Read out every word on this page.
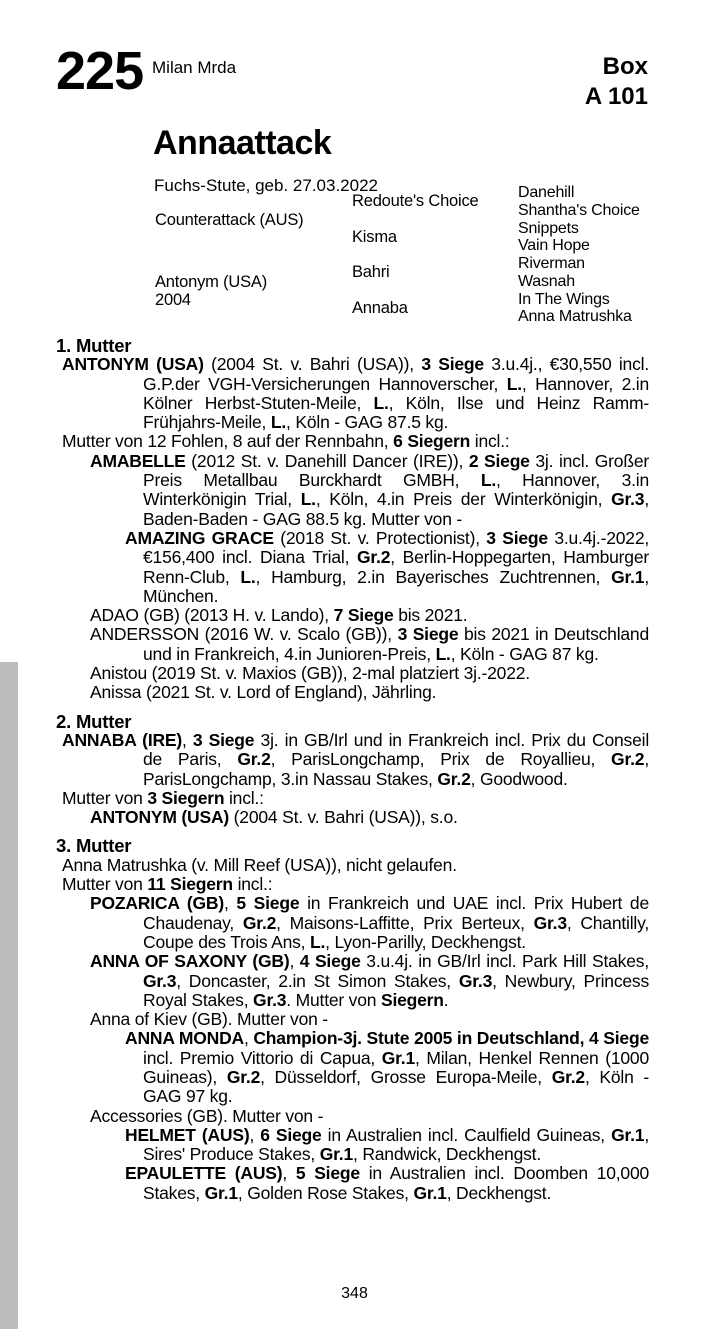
225 Milan Mrda	Box
A 101
Annaattack
Fuchs-Stute, geb. 27.03.2022
Counterattack (AUS)
Antonym (USA)
2004
Redoute's Choice
Kisma
Bahri
Annaba
Danehill
Shantha's Choice
Snippets
Vain Hope
Riverman
Wasnah
In The Wings
Anna Matrushka
1. Mutter
ANTONYM (USA) (2004 St. v. Bahri (USA)), 3 Siege 3.u.4j., €30,550 incl. G.P.der VGH-Versicherungen Hannoverscher, L., Hannover, 2.in Kölner Herbst-Stuten-Meile, L., Köln, Ilse und Heinz Ramm-Frühjahrs-Meile, L., Köln - GAG 87.5 kg.
Mutter von 12 Fohlen, 8 auf der Rennbahn, 6 Siegern incl.:
AMABELLE (2012 St. v. Danehill Dancer (IRE)), 2 Siege 3j. incl. Großer Preis Metallbau Burckhardt GMBH, L., Hannover, 3.in Winterkönigin Trial, L., Köln, 4.in Preis der Winterkönigin, Gr.3, Baden-Baden - GAG 88.5 kg. Mutter von -
AMAZING GRACE (2018 St. v. Protectionist), 3 Siege 3.u.4j.-2022, €156,400 incl. Diana Trial, Gr.2, Berlin-Hoppegarten, Hamburger Renn-Club, L., Hamburg, 2.in Bayerisches Zuchtrennen, Gr.1, München.
ADAO (GB) (2013 H. v. Lando), 7 Siege bis 2021.
ANDERSSON (2016 W. v. Scalo (GB)), 3 Siege bis 2021 in Deutschland und in Frankreich, 4.in Junioren-Preis, L., Köln - GAG 87 kg.
Anistou (2019 St. v. Maxios (GB)), 2-mal platziert 3j.-2022.
Anissa (2021 St. v. Lord of England), Jährling.
2. Mutter
ANNABA (IRE), 3 Siege 3j. in GB/Irl und in Frankreich incl. Prix du Conseil de Paris, Gr.2, ParisLongchamp, Prix de Royallieu, Gr.2, ParisLongchamp, 3.in Nassau Stakes, Gr.2, Goodwood.
Mutter von 3 Siegern incl.:
ANTONYM (USA) (2004 St. v. Bahri (USA)), s.o.
3. Mutter
Anna Matrushka (v. Mill Reef (USA)), nicht gelaufen.
Mutter von 11 Siegern incl.:
POZARICA (GB), 5 Siege in Frankreich und UAE incl. Prix Hubert de Chaudenay, Gr.2, Maisons-Laffitte, Prix Berteux, Gr.3, Chantilly, Coupe des Trois Ans, L., Lyon-Parilly, Deckhengst.
ANNA OF SAXONY (GB), 4 Siege 3.u.4j. in GB/Irl incl. Park Hill Stakes, Gr.3, Doncaster, 2.in St Simon Stakes, Gr.3, Newbury, Princess Royal Stakes, Gr.3. Mutter von Siegern.
Anna of Kiev (GB). Mutter von -
ANNA MONDA, Champion-3j. Stute 2005 in Deutschland, 4 Siege incl. Premio Vittorio di Capua, Gr.1, Milan, Henkel Rennen (1000 Guineas), Gr.2, Düsseldorf, Grosse Europa-Meile, Gr.2, Köln - GAG 97 kg.
Accessories (GB). Mutter von -
HELMET (AUS), 6 Siege in Australien incl. Caulfield Guineas, Gr.1, Sires' Produce Stakes, Gr.1, Randwick, Deckhengst.
EPAULETTE (AUS), 5 Siege in Australien incl. Doomben 10,000 Stakes, Gr.1, Golden Rose Stakes, Gr.1, Deckhengst.
348
